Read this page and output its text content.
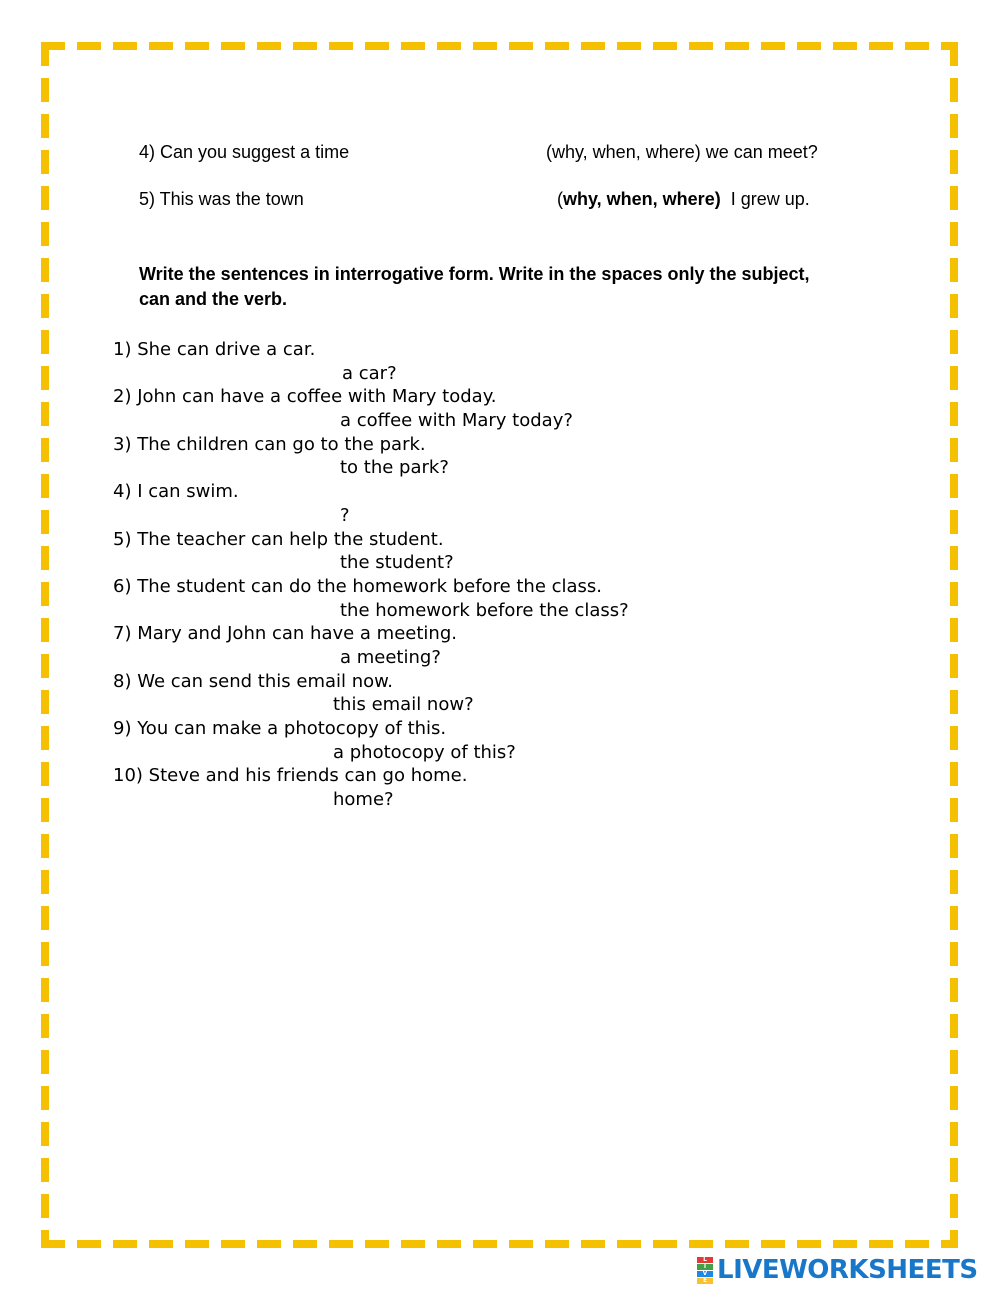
4) Can you suggest a time	(why, when, where) we can meet?
5) This was the town	(why, when, where)  I grew up.
Write the sentences in interrogative form. Write in the spaces only the subject, can and the verb.
1) She can drive a car.
a car?
2) John can have a coffee with Mary today.
a coffee with Mary today?
3) The children can go to the park.
to the park?
4) I can swim.
?
5) The teacher can help the student.
the student?
6) The student can do the homework before the class.
the homework before the class?
7) Mary and John can have a meeting.
a meeting?
8) We can send this email now.
this email now?
9) You can make a photocopy of this.
a photocopy of this?
10) Steve and his friends can go home.
home?
L
I
V
E LIVEWORKSHEETS
